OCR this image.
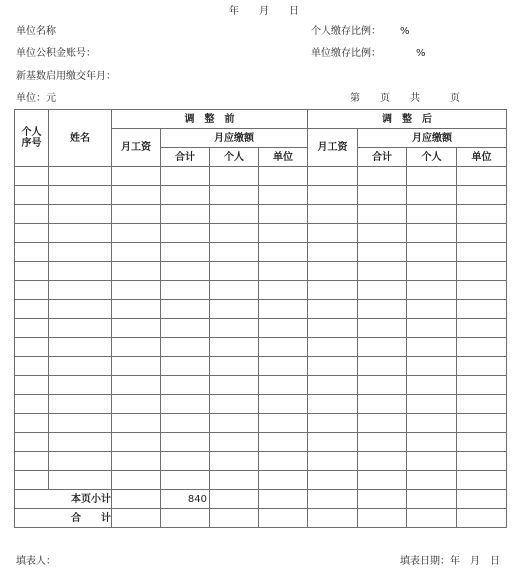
年　　月　　日
单位名称	个人缴存比例： %
单位公积金账号：	单位缴存比例：	%
新基数启用缴交年月：
单位：元	第　　页　　共　　　页
个人
序号	姓名	调　整　前				调　整　后			
		月工资	月应缴额			月工资	月应缴额		
			合计	个人	单位		合计	个人	单位

本页小计			840						
合　　计									
填表人：	填表日期：年　月　日
